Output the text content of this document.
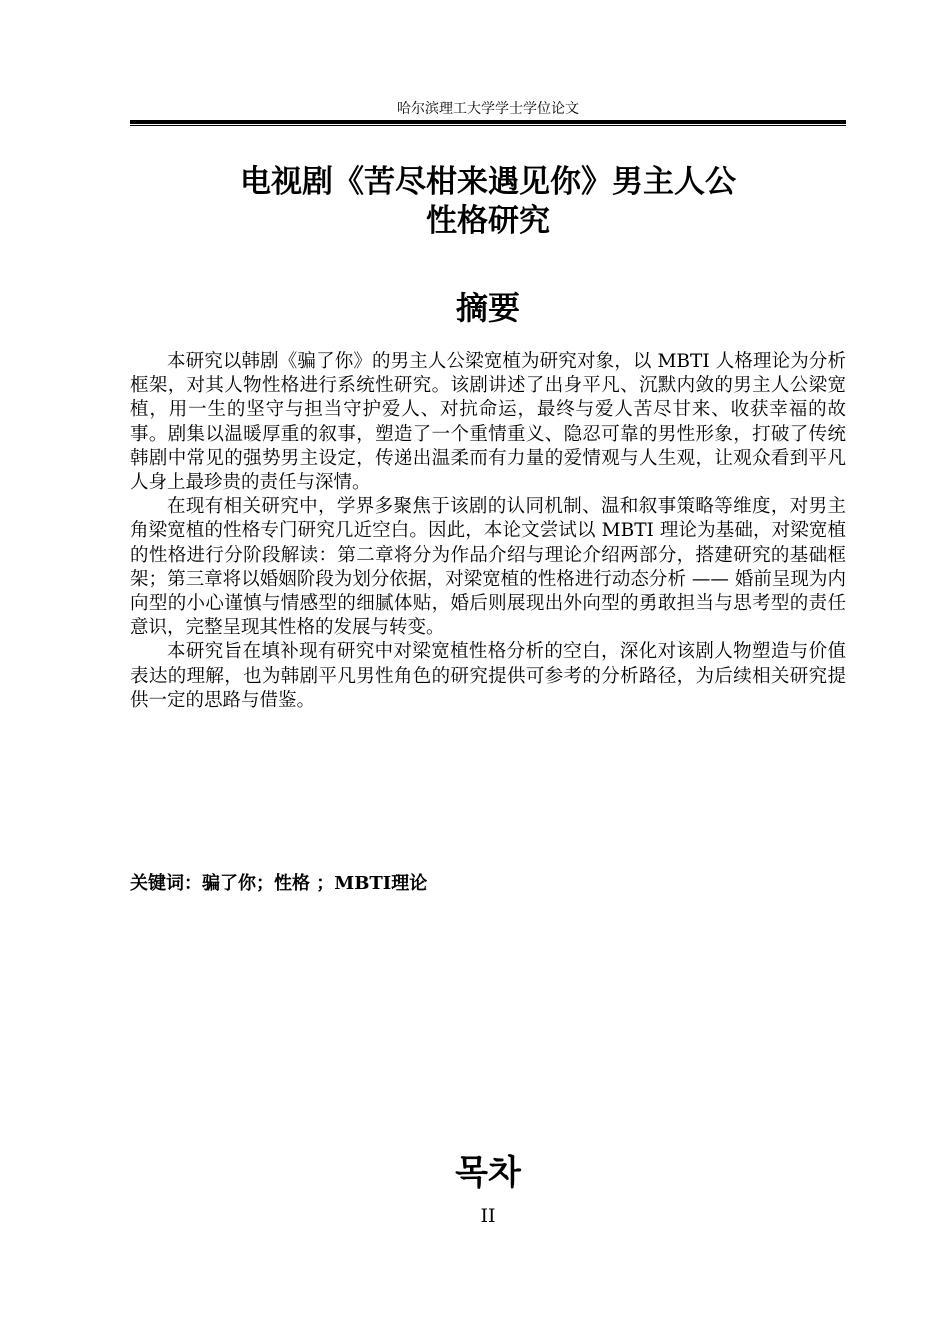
哈尔滨理工大学学士学位论文
电视剧《苦尽柑来遇见你》男主人公
性格研究
摘要

本研究以韩剧《骗了你》的男主人公梁宽植为研究对象，以 MBTI 人格理论为分析框架，对其人物性格进行系统性研究。该剧讲述了出身平凡、沉默内敛的男主人公梁宽植，用一生的坚守与担当守护爱人、对抗命运，最终与爱人苦尽甘来、收获幸福的故事。剧集以温暖厚重的叙事，塑造了一个重情重义、隐忍可靠的男性形象，打破了传统韩剧中常见的强势男主设定，传递出温柔而有力量的爱情观与人生观，让观众看到平凡人身上最珍贵的责任与深情。

在现有相关研究中，学界多聚焦于该剧的认同机制、温和叙事策略等维度，对男主角梁宽植的性格专门研究几近空白。因此，本论文尝试以 MBTI 理论为基础，对梁宽植的性格进行分阶段解读：第二章将分为作品介绍与理论介绍两部分，搭建研究的基础框架；第三章将以婚姻阶段为划分依据，对梁宽植的性格进行动态分析 —— 婚前呈现为内向型的小心谨慎与情感型的细腻体贴，婚后则展现出外向型的勇敢担当与思考型的责任意识，完整呈现其性格的发展与转变。

本研究旨在填补现有研究中对梁宽植性格分析的空白，深化对该剧人物塑造与价值表达的理解，也为韩剧平凡男性角色的研究提供可参考的分析路径，为后续相关研究提供一定的思路与借鉴。

关键词：骗了你；性格 ；MBTI理论
목차
II
